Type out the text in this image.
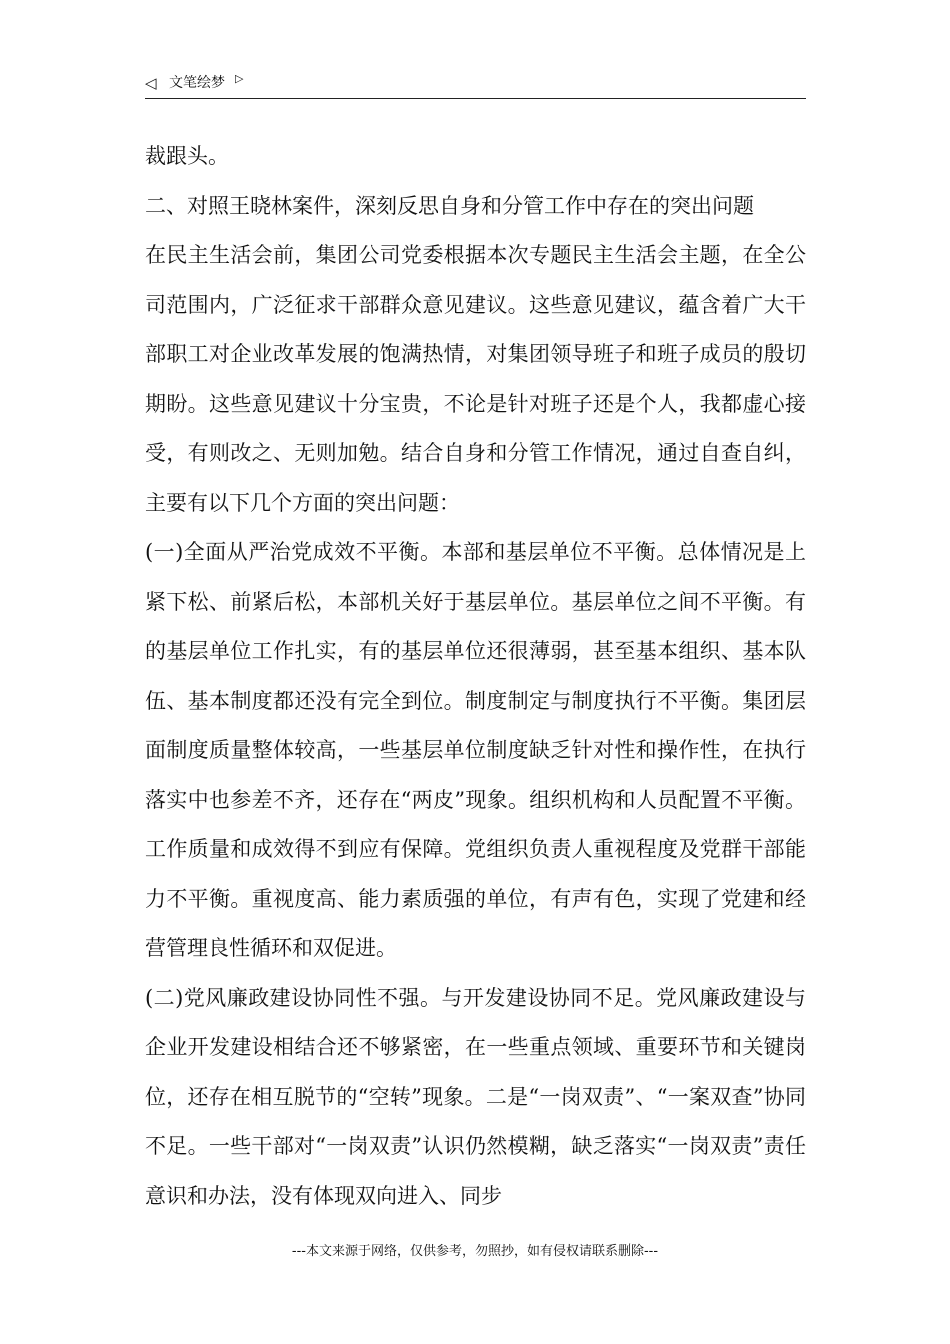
◁ 文笔绘梦 ▷

裁跟头。

二、对照王晓林案件，深刻反思自身和分管工作中存在的突出问题

在民主生活会前，集团公司党委根据本次专题民主生活会主题，在全公司范围内，广泛征求干部群众意见建议。这些意见建议，蕴含着广大干部职工对企业改革发展的饱满热情，对集团领导班子和班子成员的殷切期盼。这些意见建议十分宝贵，不论是针对班子还是个人，我都虚心接受，有则改之、无则加勉。结合自身和分管工作情况，通过自查自纠，主要有以下几个方面的突出问题：

(一)全面从严治党成效不平衡。本部和基层单位不平衡。总体情况是上紧下松、前紧后松，本部机关好于基层单位。基层单位之间不平衡。有的基层单位工作扎实，有的基层单位还很薄弱，甚至基本组织、基本队伍、基本制度都还没有完全到位。制度制定与制度执行不平衡。集团层面制度质量整体较高，一些基层单位制度缺乏针对性和操作性，在执行落实中也参差不齐，还存在“两皮”现象。组织机构和人员配置不平衡。工作质量和成效得不到应有保障。党组织负责人重视程度及党群干部能力不平衡。重视度高、能力素质强的单位，有声有色，实现了党建和经营管理良性循环和双促进。

(二)党风廉政建设协同性不强。与开发建设协同不足。党风廉政建设与企业开发建设相结合还不够紧密，在一些重点领域、重要环节和关键岗位，还存在相互脱节的“空转”现象。二是“一岗双责”、“一案双查”协同不足。一些干部对“一岗双责”认识仍然模糊，缺乏落实“一岗双责”责任意识和办法，没有体现双向进入、同步

---本文来源于网络，仅供参考，勿照抄，如有侵权请联系删除---
